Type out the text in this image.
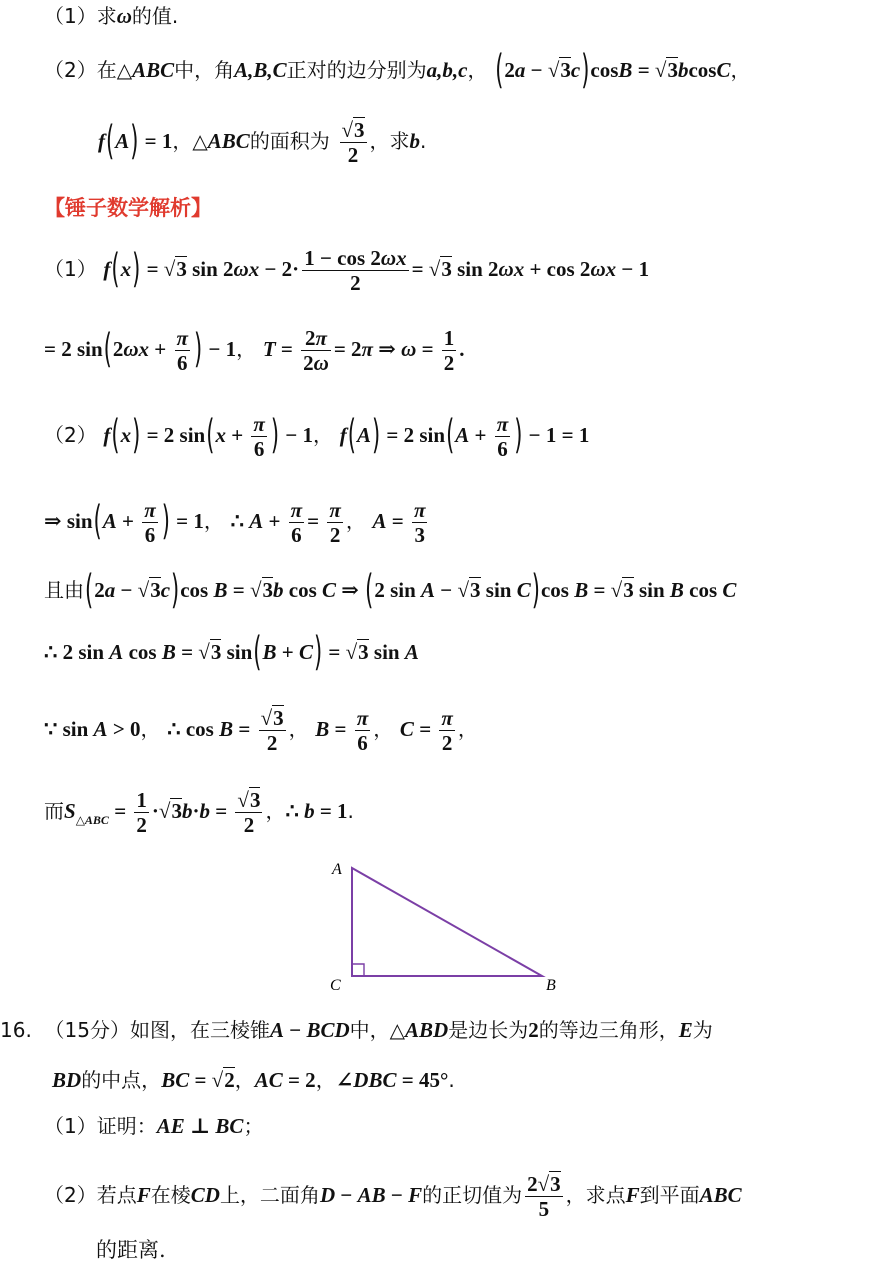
（1）求ω的值.
（2）在△ABC中，角A,B,C正对的边分别为a,b,c， (2a − √3c)cosB = √3bcosC，
f(A) = 1，△ABC的面积为 $\frac{√3}{2}$ ，求b.
【锤子数学解析】
（1） f(x) = √3 $\sin 2\omega x - 2\cdot \frac{1 - \cos 2\omega x}{2} = √3$ sin 2ωx + cos 2ωx − 1
= 2 $\sin(2\omega x + \frac{\pi}{6}$ ) − 1， $T = \frac{2\pi}{2\omega} = 2\pi$ ⇒ $\omega = \frac{1}{2}$ .
（2） f(x) = 2 $\sin(x + \frac{\pi}{6}$ ) − 1， f(A) = 2 $\sin(A + \frac{\pi}{6}$ ) − 1 = 1
⇒ $\sin(A + \frac{\pi}{6}$ ) = 1， ∴ $A + \frac{\pi}{6} = \frac{\pi}{2}$ ， $A = \frac{\pi}{3}$
且由(2a − √3c)cos B = √3b cos C ⇒ (2 sin A − √3 sin C)cos B = √3 sin B cos C
∴ 2 sin A cos B = √3 sin(B + C) = √3 sin A
∵ sin A > 0， ∴ $\cos B = \frac{√3}{2}$ ， $B = \frac{\pi}{6}$ ， $C = \frac{\pi}{2}$ ，
而$S_{\triangle ABC} = \frac{1}{2} \cdot√3b\cdot b = \frac{√3}{2}$ ，∴ b = 1.
A
C	B
16.  （15分）如图，在三棱锥A − BCD中，△ABD是边长为2的等边三角形，E为
BD的中点，BC = √2，AC = 2，∠DBC = 45°.
（1）证明：AE ⊥ BC；
（2）若点F在棱CD上，二面角D − AB − F的正切值为 $\frac{2√3}{5}$ ，求点F到平面ABC
的距离.
